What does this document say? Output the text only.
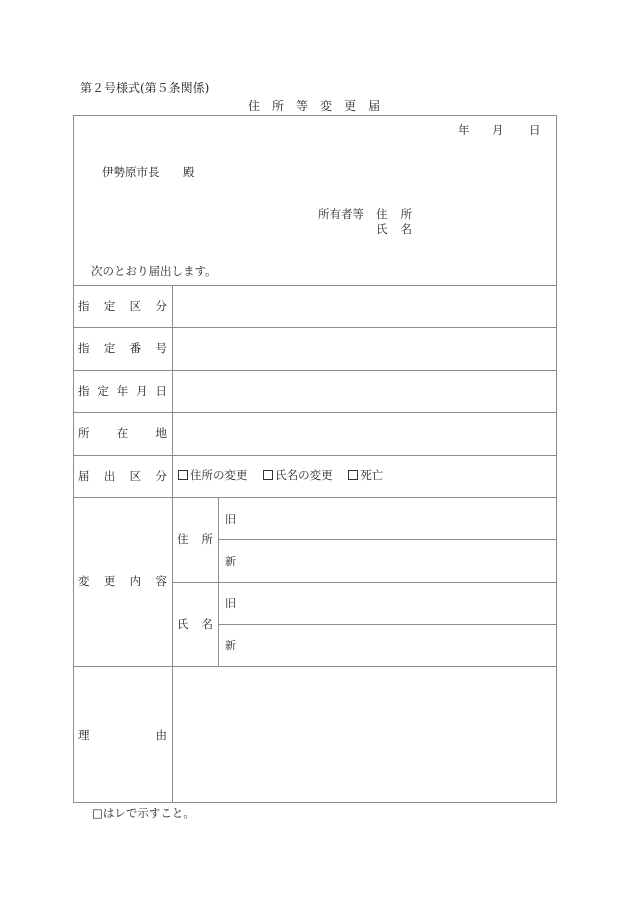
第２号様式(第５条関係)
住 所 等 変 更 届
年 月 日
伊勢原市長 殿
所有者等 住 所
氏 名
次のとおり届出します。
指 定 区 分
指 定 番 号
指 定 年 月 日
所 在 地
届 出 区 分	住所の変更 氏名の変更 死亡
変 更 内 容
住 所
旧
新
氏 名
旧
新
理	由
□はレで示すこと。
